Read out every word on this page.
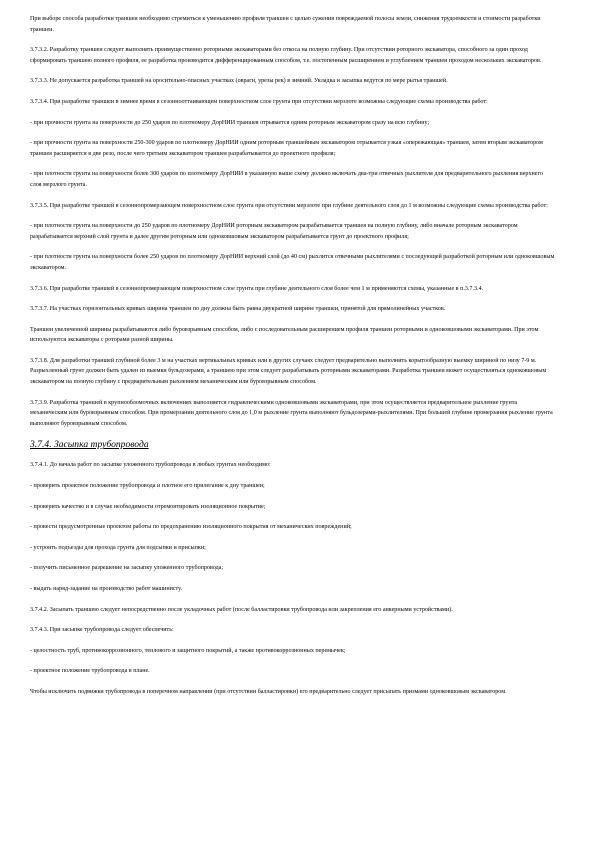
При выборе способа разработки траншеи необходимо стремиться к уменьшению профиля траншеи с целью сужения повреждаемой полосы земли, снижения трудоемкости и стоимости разработки траншеи.

3.7.3.2. Разработку траншеи следует выполнять преимущественно роторными экскаваторами без откоса на полную глубину. При отсутствии роторного экскаватора, способного за один проход сформировать траншею полного профиля, ее разработка производится дифференцированным способом, т.е. постепенным расширением и углублением траншеи проходом нескольких экскаваторов.

3.7.3.3. Не допускается разработка траншей на оросительно-опасных участках (овраги, урезы рек) в зимний. Укладка и засыпка ведутся по мере рытья траншей.

3.7.3.4. При разработке траншеи в зимнее время в сезоннооттаивающем поверхностном слое грунта при отсутствии мерзлоте возможны следующие схемы производства работ:

- при прочности грунта на поверхности до 250 ударов по плотномеру ДорНИИ траншея отрывается одним роторным экскаватором сразу на всю глубину;

- при прочности грунта на поверхности 250-300 ударов по плотномеру ДорНИИ одним роторным траншейным экскаватором отрывается узкая «опережающая» траншея, затем вторым экскаватором траншея расширяется в две резо, после чего третьим экскаватором траншея разрабатывается до проектного профиля;

- при плотности грунта на поверхности более 300 ударов по плотномеру ДорНИИ в указанную выше схему должно включать два-три отвечных рыхлителя для предварительного рыхления верхнего слоя мерзлого грунта.

3.7.3.5. При разработке траншей в сезоннопромерзающем поверхностном слое грунта при отсутствии мерзлоте при глубине деятельного слоя до 1 м возможны следующие схемы производства работ:

- при плотности грунта на поверхности до 250 ударов по плотномеру ДорНИИ роторным экскаватором разрабатывается траншея на полную глубину, либо вначале роторным экскаватором разрабатывается верхний слой грунта и далее другим роторным или одноковшовым экскаватором разрабатывается грунт до проектного профиля;

- при плотности грунта на поверхности более 250 ударов по плотномеру ДорНИИ верхний слой (до 40 см) рыхлится отвечными рыхлителями с последующей разработкой роторным или одноковшовым экскаватором.

3.7.3.6. При разработке траншей в сезоннопромерзающем поверхностном слое грунта при глубине деятельного слоя более чем 1 м применяются схемы, указанные в п.3.7.3.4.

3.7.3.7. На участках горизонтальных кривых ширина траншеи по дну должна быть равна двукратной ширине траншеи, принятой для прямолинейных участков.

Траншеи увеличенной ширины разрабатываются либо буровзрывным способом, либо с последовательным расширением профиля траншеи роторными и одноковшовыми экскаваторами. При этом используются экскаваторы с роторами разной ширины.

3.7.3.8. Для разработки траншей глубиной более 3 м на участках вертикальных кривых или в других случаях следует предварительно выполнить корытообразную выемку шириной по низу 7-9 м. Разрыхленный грунт должен быть удален из выемки бульдозерами, а траншею при этом следует разрабатывать роторными экскаваторами. Разработка траншеи может осуществляться одноковшовым экскаватором на полную глубину с предварительным рыхлением механическим или буровзрывным способом.

3.7.3.9. Разработка траншей в крупнообломочных включениях выполняется гидравлическими одноковшовыми экскаваторами, при этом осуществляется предварительное рыхление грунта механическим или буровзрывным способом. При промерзании деятельного слоя до 1,0 м рыхление грунта выполняют бульдозерами-рыхлителями. При большей глубине промерзания рыхление грунта выполняют буровзрывным способом.

3.7.4. Засыпка трубопровода

3.7.4.1. До начала работ по засыпке уложенного трубопровода в любых грунтах необходимо:

- проверить проектное положение трубопровода и плотное его прилегание к дну траншеи;

- проверить качество и в случае необходимости отремонтировать изоляционное покрытие;

- провести предусмотренные проектом работы по предохранению изоляционного покрытия от механических повреждений;

- устроить подъезды для прохода грунта для подсыпки и присыпки;

- получить письменное разрешение на засыпку уложенного трубопровода;

- выдать наряд-задание на производство работ машинисту.

3.7.4.2. Засыпать траншею следует непосредственно после укладочных работ (после балластировки трубопровода или закрепления его анкерными устройствами).

3.7.4.3. При засыпке трубопровода следует обеспечить:

- целостность труб, противокоррозионного, теплового и защитного покрытий, а также противокоррозионных перемычек;

- проектное положение трубопровода в плане.

Чтобы исключить подвижки трубопровода в поперечном направлении (при отсутствии балластировки) его предварительно следует присыпать призмами одноковшовым экскаватором.
